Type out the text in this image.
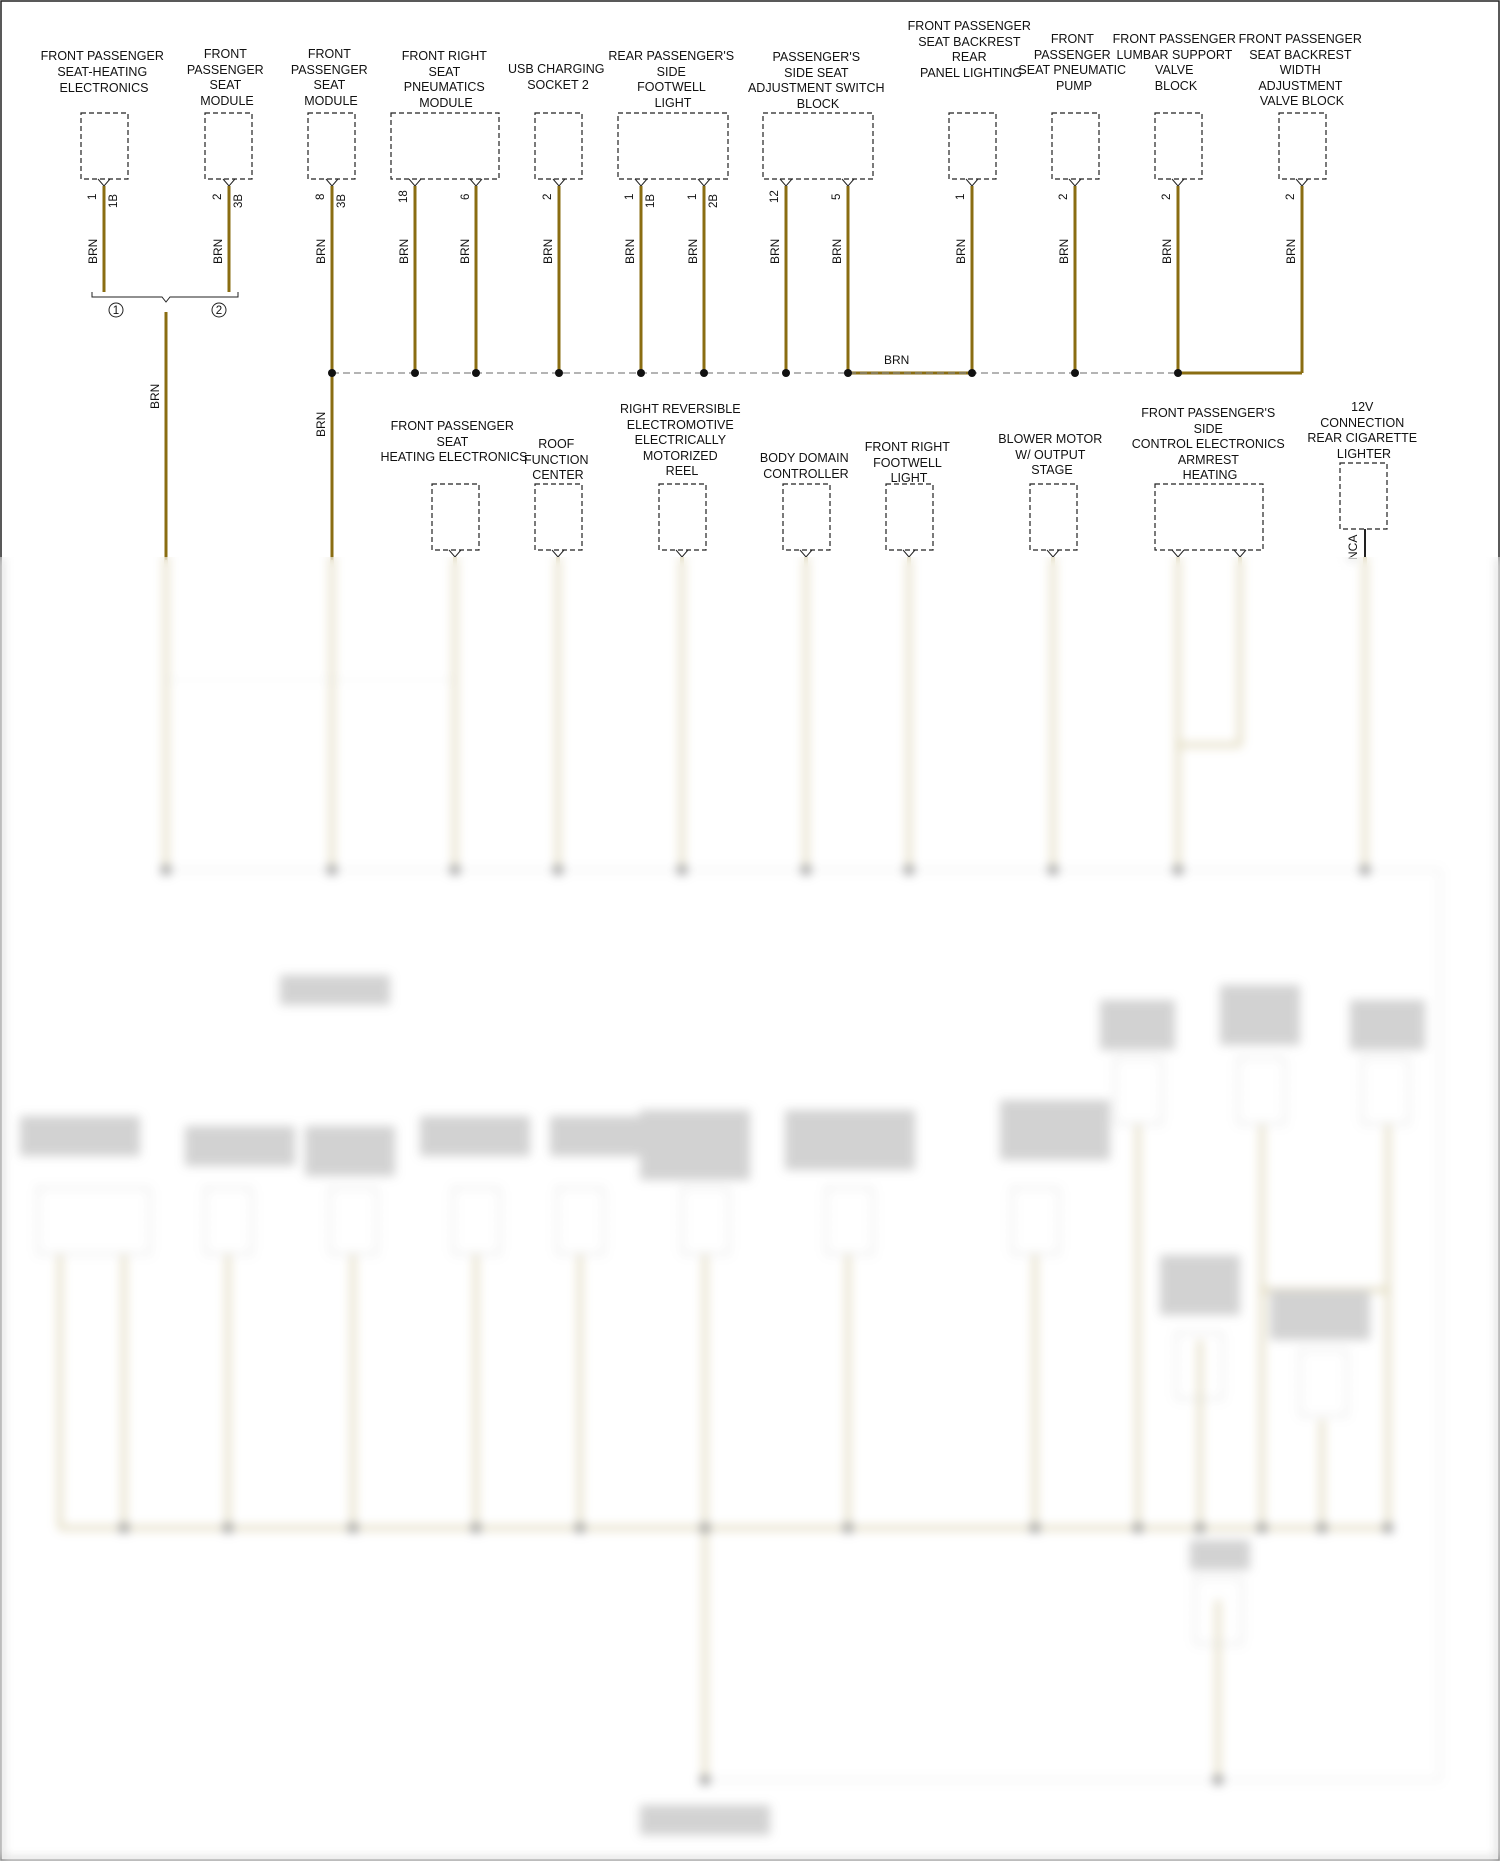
FRONT PASSENGER SEAT-HEATING ELECTRONICS
FRONT PASSENGER SEAT MODULE
FRONT PASSENGER SEAT MODULE
FRONT RIGHT SEAT PNEUMATICS MODULE
USB CHARGING SOCKET 2
REAR PASSENGER'S SIDE FOOTWELL LIGHT
PASSENGER'S SIDE SEAT ADJUSTMENT SWITCH BLOCK
FRONT PASSENGER SEAT BACKREST REAR PANEL LIGHTING
FRONT PASSENGER SEAT PNEUMATIC PUMP
FRONT PASSENGER LUMBAR SUPPORT VALVE BLOCK
FRONT PASSENGER SEAT BACKREST WIDTH ADJUSTMENT VALVE BLOCK
1 1B	2 3B	8 3B	18	6	2	1 1B	1 2B	12	5	1	2	2	2
1	2
BRN	BRN	BRN	BRN	BRN	BRN	BRN	BRN	BRN	BRN	BRN	BRN	BRN	BRN
BRN
BRN
BRN
FRONT PASSENGER SEAT HEATING ELECTRONICS
ROOF FUNCTION CENTER
RIGHT REVERSIBLE ELECTROMOTIVE ELECTRICALLY MOTORIZED REEL
BODY DOMAIN CONTROLLER
FRONT RIGHT FOOTWELL LIGHT
BLOWER MOTOR W/ OUTPUT STAGE
FRONT PASSENGER'S SIDE CONTROL ELECTRONICS ARMREST HEATING
12V CONNECTION REAR CIGARETTE LIGHTER
NCA
